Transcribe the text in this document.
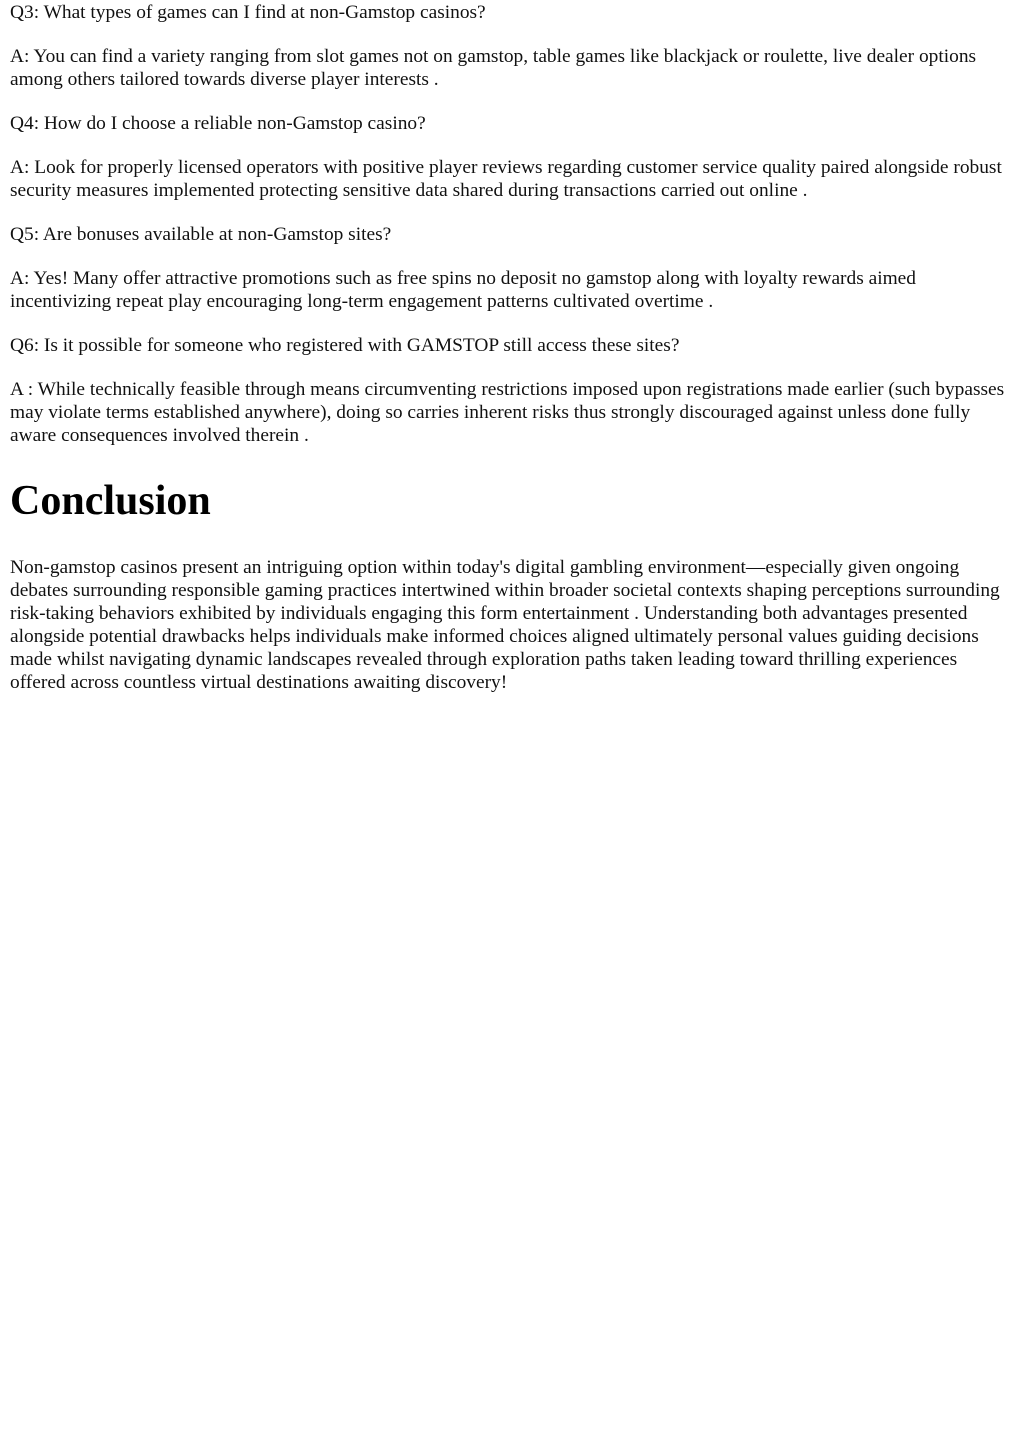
Q3: What types of games can I find at non-Gamstop casinos?

A: You can find a variety ranging from slot games not on gamstop, table games like blackjack or roulette, live dealer options among others tailored towards diverse player interests .

Q4: How do I choose a reliable non-Gamstop casino?

A: Look for properly licensed operators with positive player reviews regarding customer service quality paired alongside robust security measures implemented protecting sensitive data shared during transactions carried out online .

Q5: Are bonuses available at non-Gamstop sites?

A: Yes! Many offer attractive promotions such as free spins no deposit no gamstop along with loyalty rewards aimed incentivizing repeat play encouraging long-term engagement patterns cultivated overtime .

Q6: Is it possible for someone who registered with GAMSTOP still access these sites?

A : While technically feasible through means circumventing restrictions imposed upon registrations made earlier (such bypasses may violate terms established anywhere), doing so carries inherent risks thus strongly discouraged against unless done fully aware consequences involved therein .

Conclusion

Non-gamstop casinos present an intriguing option within today's digital gambling environment—especially given ongoing debates surrounding responsible gaming practices intertwined within broader societal contexts shaping perceptions surrounding risk-taking behaviors exhibited by individuals engaging this form entertainment . Understanding both advantages presented alongside potential drawbacks helps individuals make informed choices aligned ultimately personal values guiding decisions made whilst navigating dynamic landscapes revealed through exploration paths taken leading toward thrilling experiences offered across countless virtual destinations awaiting discovery!
